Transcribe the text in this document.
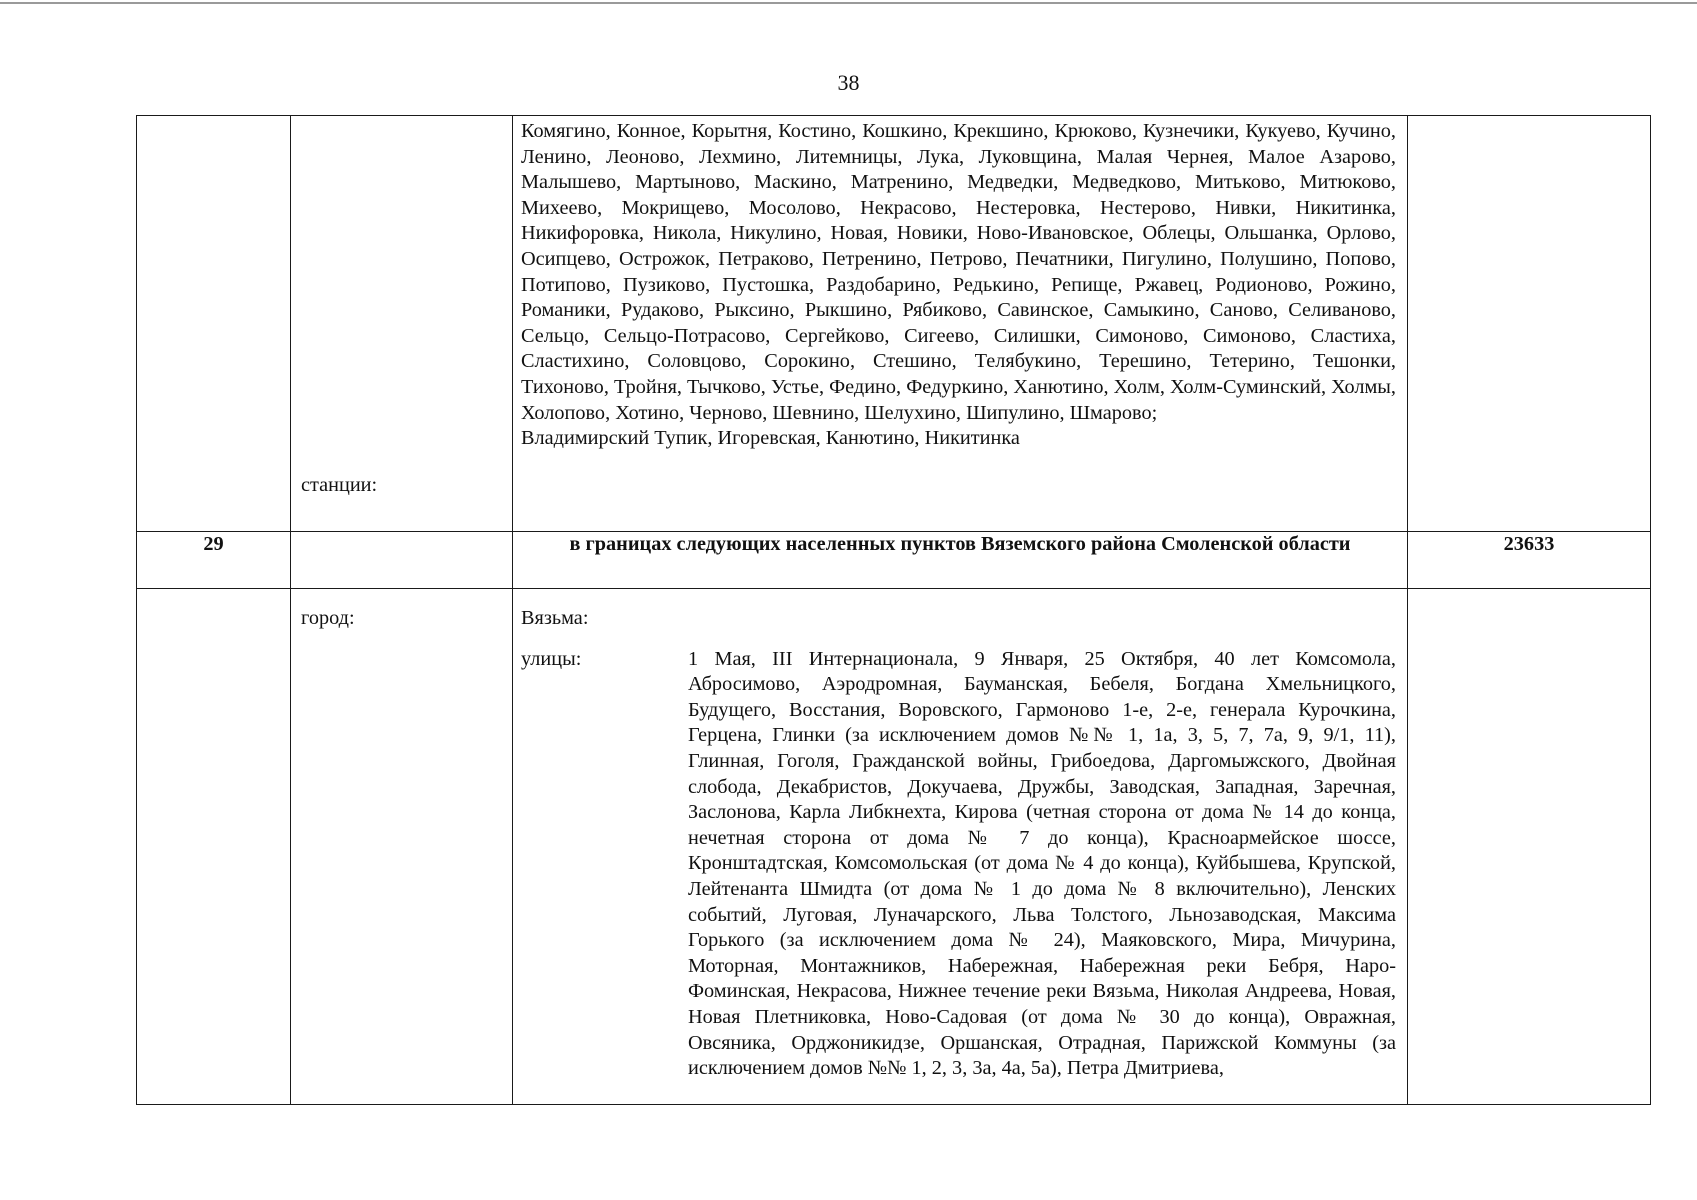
38

	станции:	Комягино, Конное, Корытня, Костино, Кошкино, Крекшино, Крюково, Кузнечики, Кукуево, Кучино, Ленино, Леоново, Лехмино, Литемницы, Лука, Луковщина, Малая Чернея, Малое Азарово, Малышево, Мартыново, Маскино, Матренино, Медведки, Медведково, Митьково, Митюково, Михеево, Мокрищево, Мосолово, Некрасово, Нестеровка, Нестерово, Нивки, Никитинка, Никифоровка, Никола, Никулино, Новая, Новики, Ново-Ивановское, Облецы, Ольшанка, Орлово, Осипцево, Острожок, Петраково, Петренино, Петрово, Печатники, Пигулино, Полушино, Попово, Потипово, Пузиково, Пустошка, Раздобарино, Редькино, Репище, Ржавец, Родионово, Рожино, Романики, Рудаково, Рыксино, Рыкшино, Рябиково, Савинское, Самыкино, Саново, Селиваново, Сельцо, Сельцо-Потрасово, Сергейково, Сигеево, Силишки, Симоново, Симоново, Сластиха, Сластихино, Соловцово, Сорокино, Стешино, Телябукино, Терешино, Тетерино, Тешонки, Тихоново, Тройня, Тычково, Устье, Федино, Федуркино, Ханютино, Холм, Холм-Суминский, Холмы, Холопово, Хотино, Черново, Шевнино, Шелухино, Шипулино, Шмарово;
Владимирский Тупик, Игоревская, Канютино, Никитинка	

29		в границах следующих населенных пунктов Вяземского района Смоленской области	23633

	город:	Вязьма:
улицы: 1 Мая, III Интернационала, 9 Января, 25 Октября, 40 лет Комсомола, Абросимово, Аэродромная, Бауманская, Бебеля, Богдана Хмельницкого, Будущего, Восстания, Воровского, Гармоново 1-е, 2-е, генерала Курочкина, Герцена, Глинки (за исключением домов №№ 1, 1а, 3, 5, 7, 7а, 9, 9/1, 11), Глинная, Гоголя, Гражданской войны, Грибоедова, Даргомыжского, Двойная слобода, Декабристов, Докучаева, Дружбы, Заводская, Западная, Заречная, Заслонова, Карла Либкнехта, Кирова (четная сторона от дома № 14 до конца, нечетная сторона от дома № 7 до конца), Красноармейское шоссе, Кронштадтская, Комсомольская (от дома № 4 до конца), Куйбышева, Крупской, Лейтенанта Шмидта (от дома № 1 до дома № 8 включительно), Ленских событий, Луговая, Луначарского, Льва Толстого, Льнозаводская, Максима Горького (за исключением дома № 24), Маяковского, Мира, Мичурина, Моторная, Монтажников, Набережная, Набережная реки Бебря, Наро-Фоминская, Некрасова, Нижнее течение реки Вязьма, Николая Андреева, Новая, Новая Плетниковка, Ново-Садовая (от дома № 30 до конца), Овражная, Овсяника, Орджоникидзе, Оршанская, Отрадная, Парижской Коммуны (за исключением домов №№ 1, 2, 3, 3а, 4а, 5а), Петра Дмитриева,	
